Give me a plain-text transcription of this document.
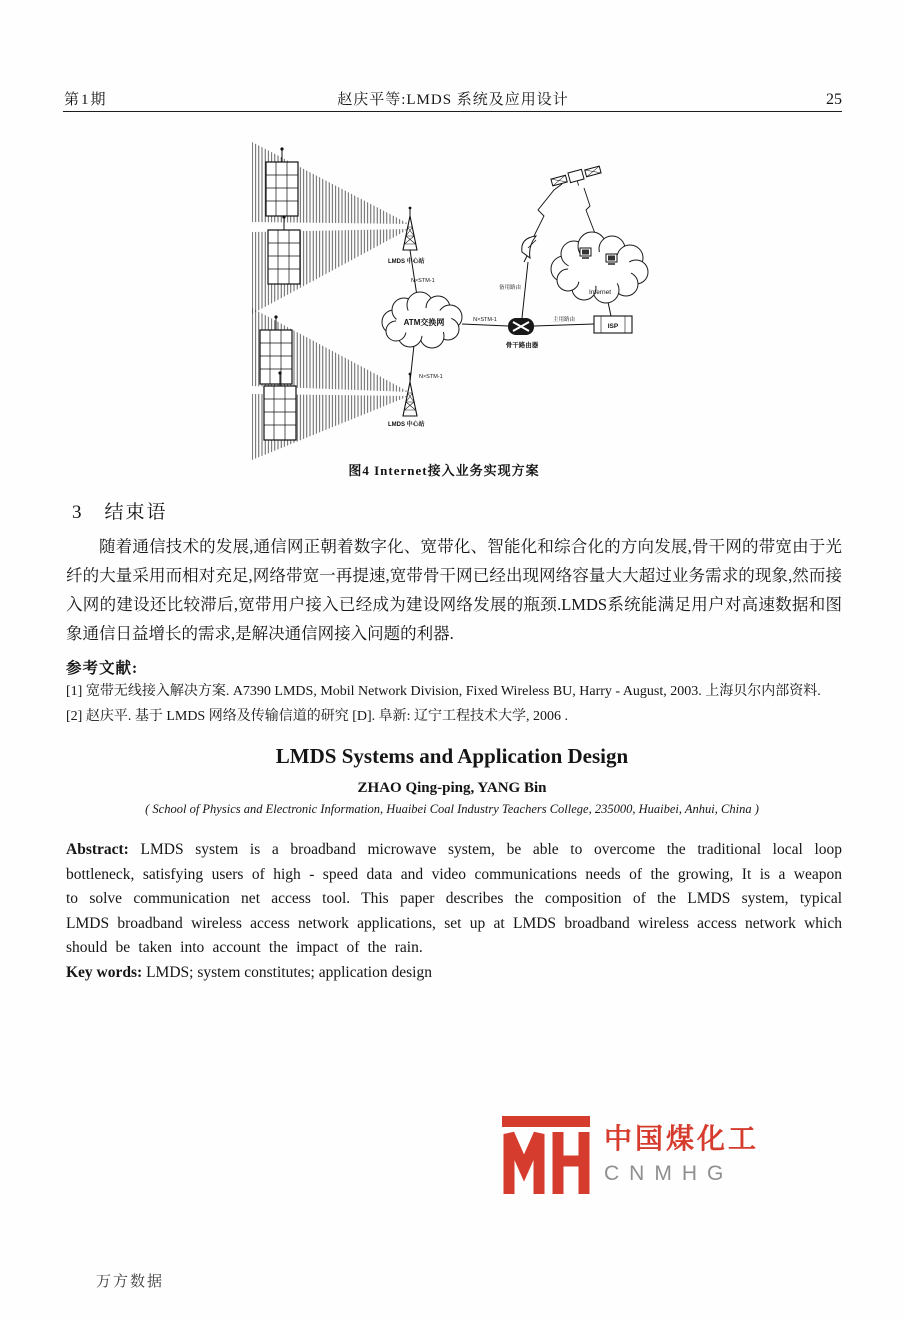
第1期	赵庆平等:LMDS 系统及应用设计	25
ATM交换网
Internet
ISP
LMDS 中心站
N×STM-1
N×STM-1
骨干路由器
备用路由
主用路由
N×STM-1
LMDS 中心站
图4 Internet接入业务实现方案
3　结束语

随着通信技术的发展,通信网正朝着数字化、宽带化、智能化和综合化的方向发展,骨干网的带宽由于光纤的大量采用而相对充足,网络带宽一再提速,宽带骨干网已经出现网络容量大大超过业务需求的现象,然而接入网的建设还比较滞后,宽带用户接入已经成为建设网络发展的瓶颈.LMDS系统能满足用户对高速数据和图象通信日益增长的需求,是解决通信网接入问题的利器.

参考文献:

[1] 宽带无线接入解决方案. A7390 LMDS, Mobil Network Division, Fixed Wireless BU, Harry - August, 2003. 上海贝尔内部资料.

[2] 赵庆平. 基于 LMDS 网络及传输信道的研究 [D]. 阜新: 辽宁工程技术大学, 2006 .

LMDS Systems and Application Design
ZHAO Qing-ping, YANG Bin
( School of Physics and Electronic Information, Huaibei Coal Industry Teachers College, 235000, Huaibei, Anhui, China )

Abstract: LMDS system is a broadband microwave system, be able to overcome the traditional local loop bottleneck, satisfying users of high - speed data and video communications needs of the growing, It is a weapon to solve communication net access tool. This paper describes the composition of the LMDS system, typical LMDS broadband wireless access network applications, set up at LMDS broadband wireless access network which should be taken into account the impact of the rain.

Key words: LMDS; system constitutes; application design

中国煤化工
CNMHG
万方数据
